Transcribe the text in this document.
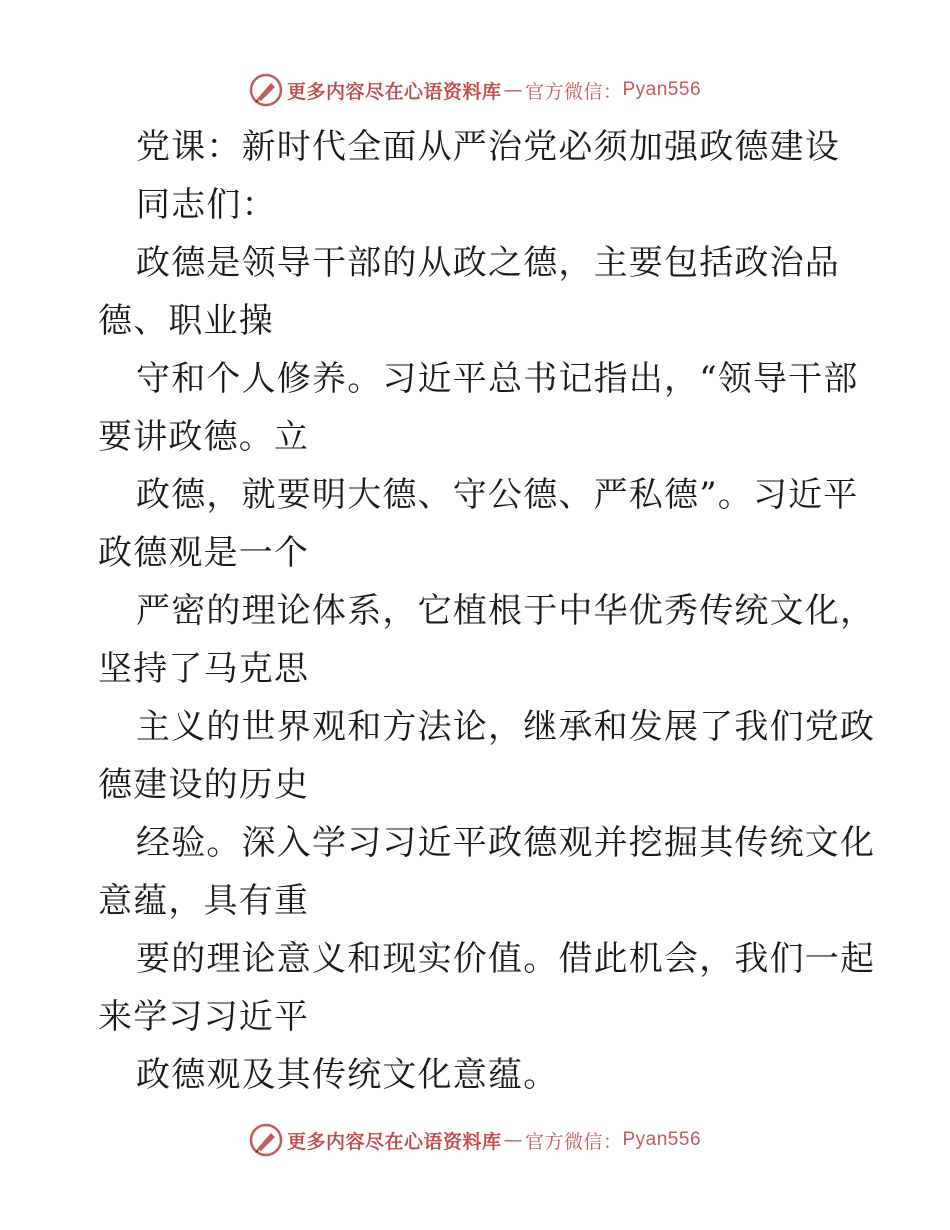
更多内容尽在心语资料库 — 官方微信： Pyan556
党课：新时代全面从严治党必须加强政德建设
同志们：
政德是领导干部的从政之德，主要包括政治品
德、职业操
守和个人修养。习近平总书记指出，“领导干部
要讲政德。立
政德，就要明大德、守公德、严私德”。习近平
政德观是一个
严密的理论体系，它植根于中华优秀传统文化，
坚持了马克思
主义的世界观和方法论，继承和发展了我们党政
德建设的历史
经验。深入学习习近平政德观并挖掘其传统文化
意蕴，具有重
要的理论意义和现实价值。借此机会，我们一起
来学习习近平
政德观及其传统文化意蕴。
更多内容尽在心语资料库 — 官方微信： Pyan556
